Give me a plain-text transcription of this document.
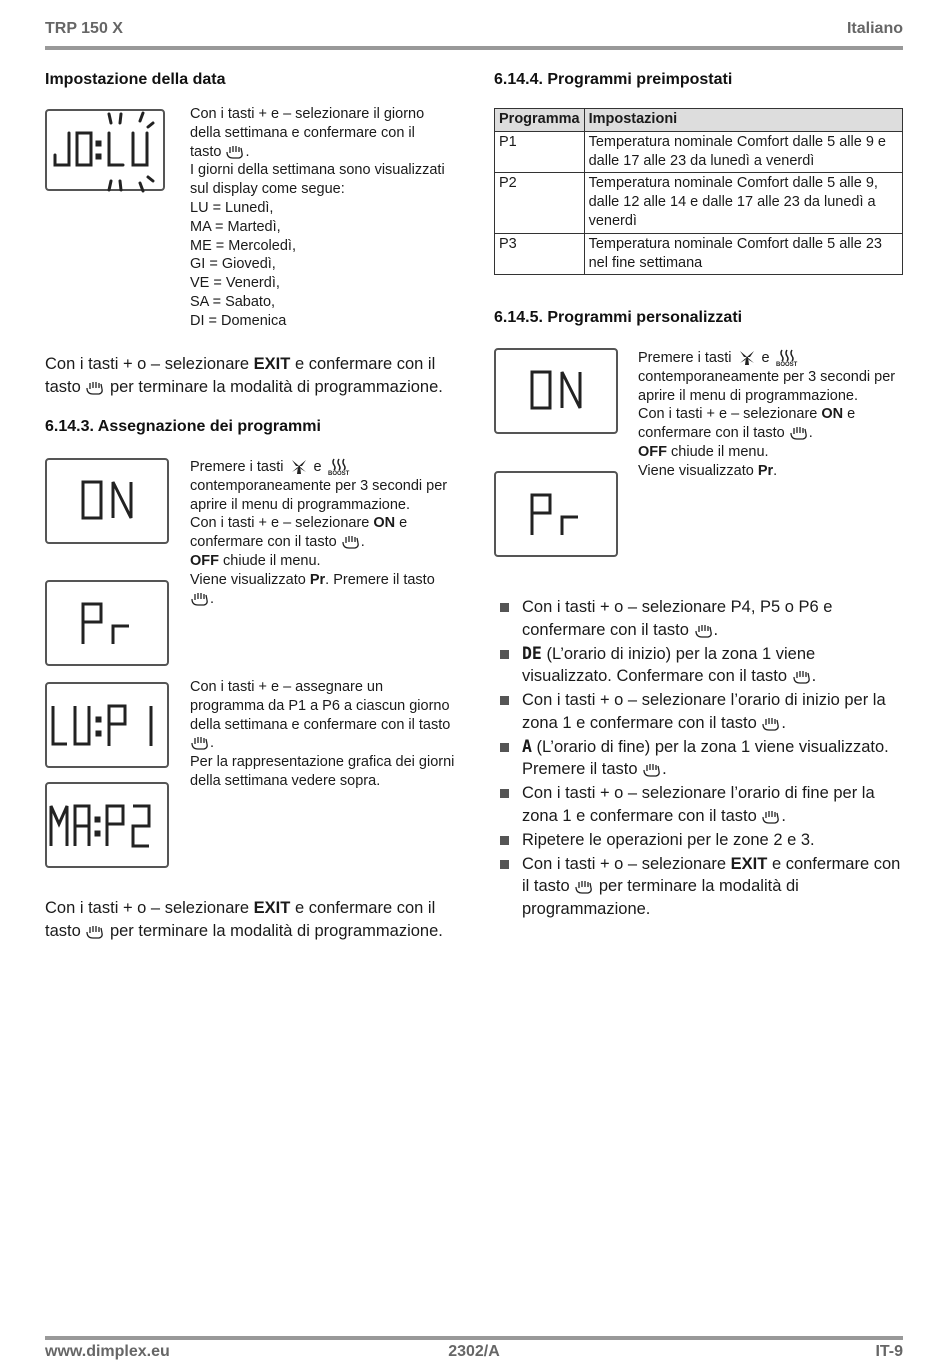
TRP 150 X	Italiano
Impostazione della data

Con i tasti + e – selezionare il giorno della settimana e confermare con il tasto .

I giorni della settimana sono visualizzati sul display come segue:

LU = Lunedì,

MA = Martedì,

ME = Mercoledì,

GI = Giovedì,

VE = Venerdì,

SA = Sabato,

DI = Domenica

Con i tasti + o – selezionare EXIT e confermare con il tasto  per terminare la modalità di programmazione.

6.14.3. Assegnazione dei programmi

Premere i tasti e BOOST
contemporaneamente per 3 secondi per aprire il menu di programmazione.

Con i tasti + e – selezionare ON e confermare con il tasto .

OFF chiude il menu.

Viene visualizzato Pr. Premere il tasto .

Con i tasti + e – assegnare un programma da P1 a P6 a ciascun giorno della settimana e confermare con il tasto .

Per la rappresentazione grafica dei giorni della settimana vedere sopra.

Con i tasti + o – selezionare EXIT e confermare con il tasto  per terminare la modalità di programmazione.

6.14.4. Programmi preimpostati
Programma	Impostazioni
P1	Temperatura nominale Comfort dalle 5 alle 9 e dalle 17 alle 23 da lunedì a venerdì
P2	Temperatura nominale Comfort dalle 5 alle 9, dalle 12 alle 14 e dalle 17 alle 23 da lunedì a venerdì
P3	Temperatura nominale Comfort dalle 5 alle 23 nel fine settimana
6.14.5. Programmi personalizzati

Premere i tasti e BOOST
contemporaneamente per 3 secondi per aprire il menu di programmazione.

Con i tasti + e – selezionare ON e confermare con il tasto .

OFF chiude il menu.

Viene visualizzato Pr.

Con i tasti + o – selezionare P4, P5 o P6 e confermare con il tasto .
DE (L’orario di inizio) per la zona 1 viene visualizzato. Confermare con il tasto .
Con i tasti + o – selezionare l’orario di inizio per la zona 1 e confermare con il tasto .
A (L’orario di fine) per la zona 1 viene visualizzato. Premere il tasto .
Con i tasti + o – selezionare l’orario di fine per la zona 1 e confermare con il tasto .
Ripetere le operazioni per le zone 2 e 3.
Con i tasti + o – selezionare EXIT e confermare con il tasto  per terminare la modalità di programmazione.
www.dimplex.eu	2302/A	IT-9
